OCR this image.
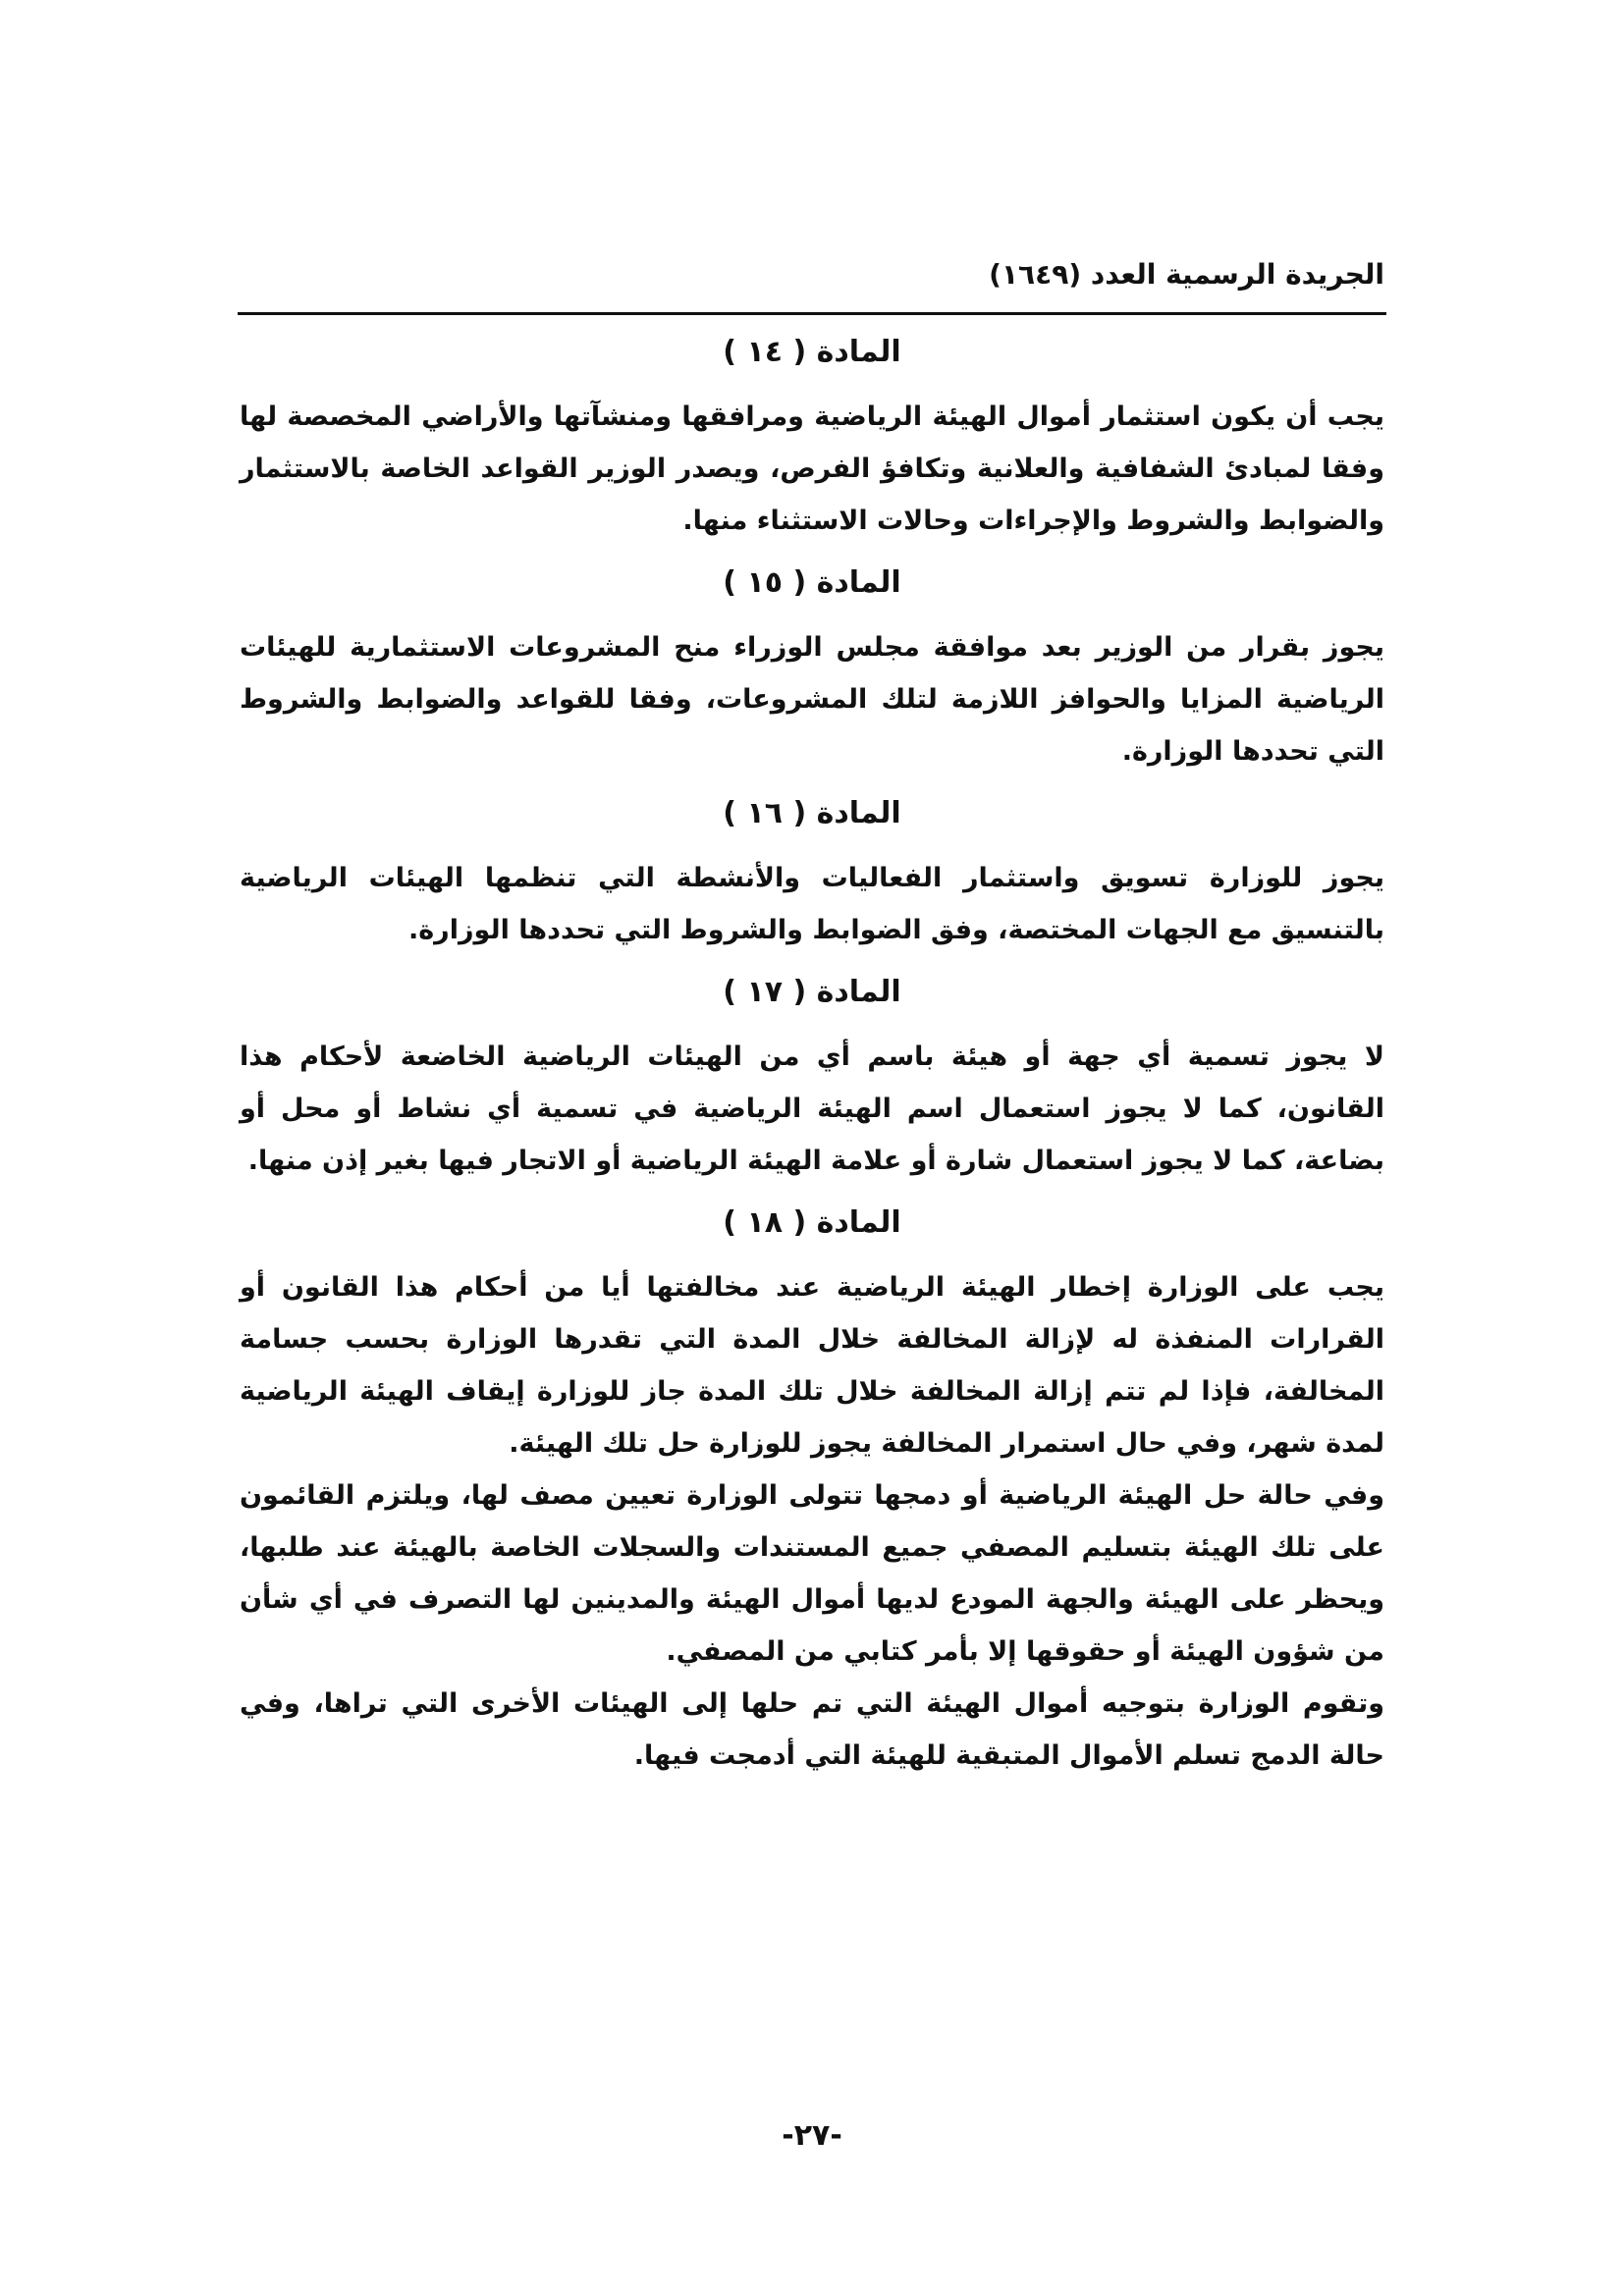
الجريدة الرسمية العدد (١٦٤٩)
المادة ( ١٤ )

يجب أن يكون استثمار أموال الهيئة الرياضية ومرافقها ومنشآتها والأراضي المخصصة لها وفقا لمبادئ الشفافية والعلانية وتكافؤ الفرص، ويصدر الوزير القواعد الخاصة بالاستثمار والضوابط والشروط والإجراءات وحالات الاستثناء منها.

المادة ( ١٥ )

يجوز بقرار من الوزير بعد موافقة مجلس الوزراء منح المشروعات الاستثمارية للهيئات الرياضية المزايا والحوافز اللازمة لتلك المشروعات، وفقا للقواعد والضوابط والشروط التي تحددها الوزارة.

المادة ( ١٦ )

يجوز للوزارة تسويق واستثمار الفعاليات والأنشطة التي تنظمها الهيئات الرياضية بالتنسيق مع الجهات المختصة، وفق الضوابط والشروط التي تحددها الوزارة.

المادة ( ١٧ )

لا يجوز تسمية أي جهة أو هيئة باسم أي من الهيئات الرياضية الخاضعة لأحكام هذا القانون، كما لا يجوز استعمال اسم الهيئة الرياضية في تسمية أي نشاط أو محل أو بضاعة، كما لا يجوز استعمال شارة أو علامة الهيئة الرياضية أو الاتجار فيها بغير إذن منها.

المادة ( ١٨ )

يجب على الوزارة إخطار الهيئة الرياضية عند مخالفتها أيا من أحكام هذا القانون أو القرارات المنفذة له لإزالة المخالفة خلال المدة التي تقدرها الوزارة بحسب جسامة المخالفة، فإذا لم تتم إزالة المخالفة خلال تلك المدة جاز للوزارة إيقاف الهيئة الرياضية لمدة شهر، وفي حال استمرار المخالفة يجوز للوزارة حل تلك الهيئة.

وفي حالة حل الهيئة الرياضية أو دمجها تتولى الوزارة تعيين مصف لها، ويلتزم القائمون على تلك الهيئة بتسليم المصفي جميع المستندات والسجلات الخاصة بالهيئة عند طلبها، ويحظر على الهيئة والجهة المودع لديها أموال الهيئة والمدينين لها التصرف في أي شأن من شؤون الهيئة أو حقوقها إلا بأمر كتابي من المصفي.

وتقوم الوزارة بتوجيه أموال الهيئة التي تم حلها إلى الهيئات الأخرى التي تراها، وفي حالة الدمج تسلم الأموال المتبقية للهيئة التي أدمجت فيها.

-٢٧-
